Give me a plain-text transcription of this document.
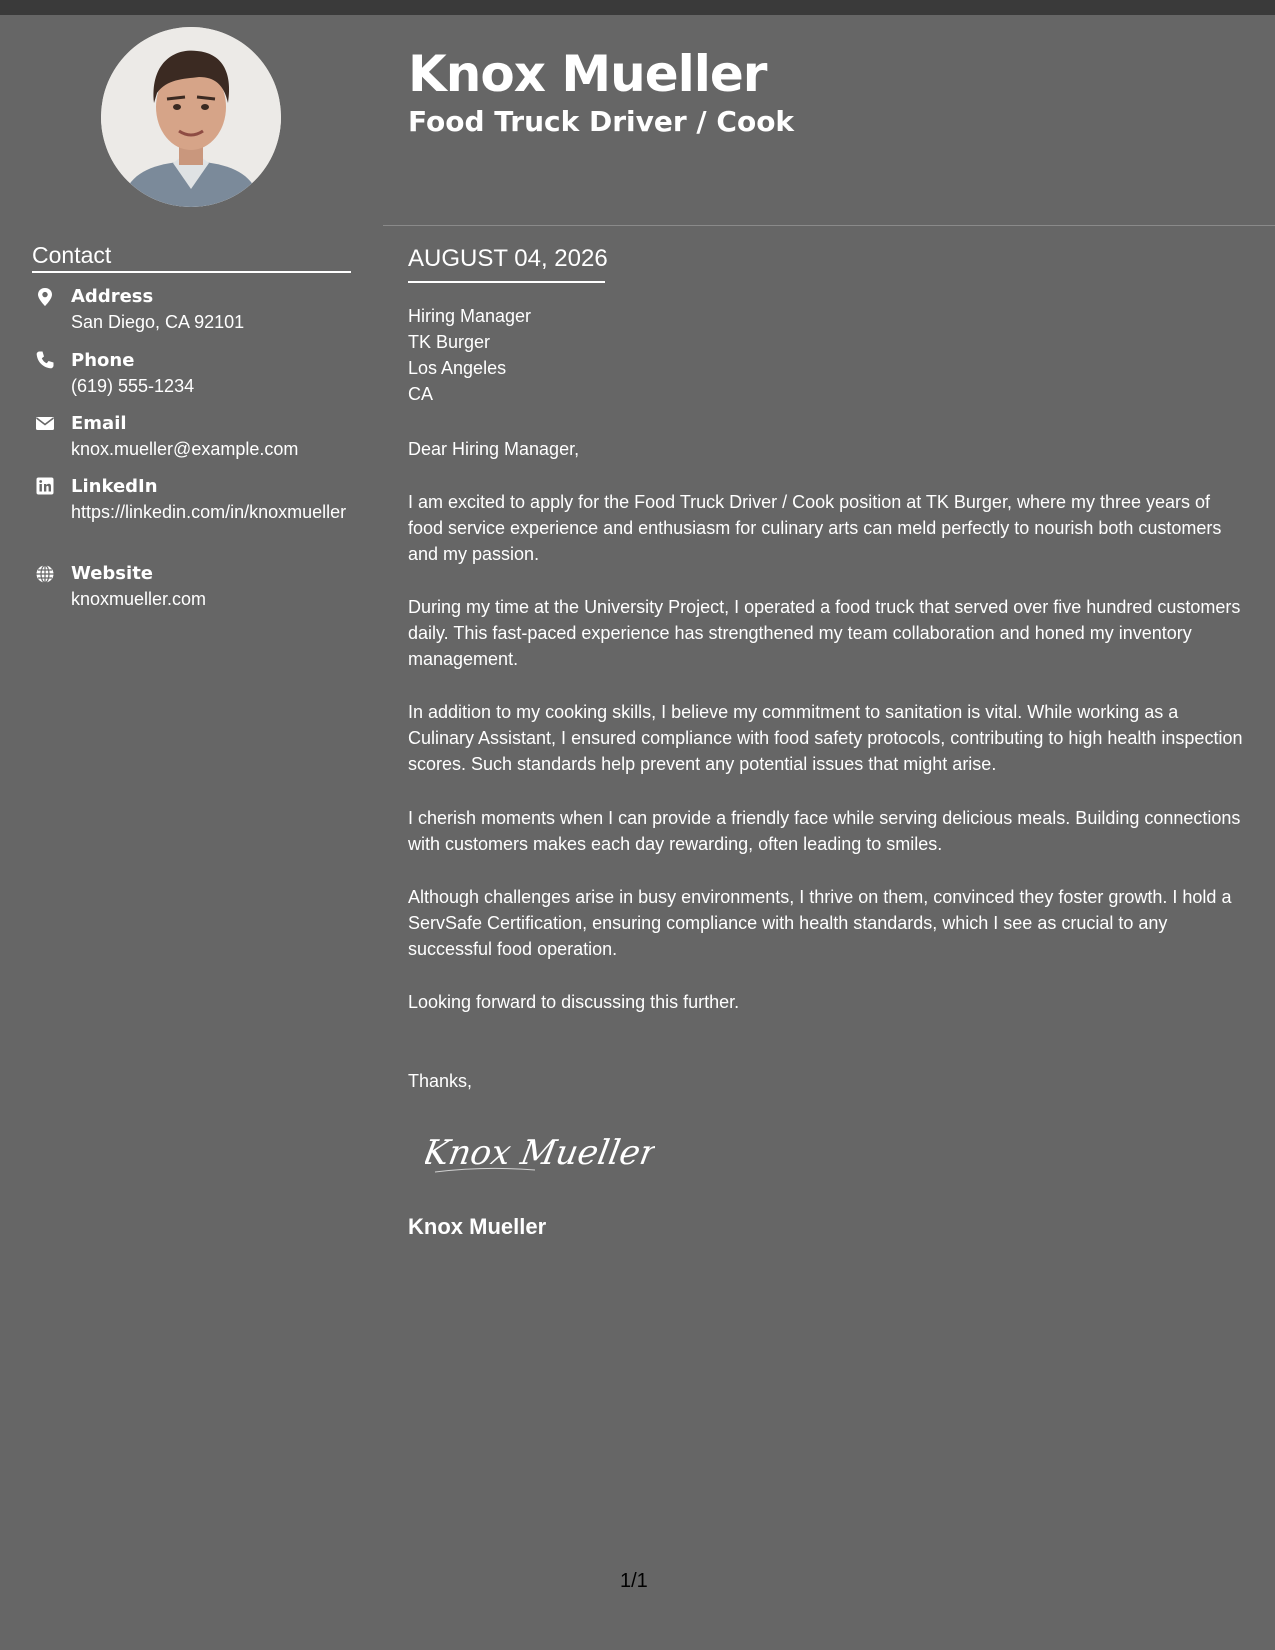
Knox Mueller
Food Truck Driver / Cook
Contact
Address
San Diego, CA 92101
Phone
(619) 555-1234
Email
knox.mueller@example.com
LinkedIn
https://linkedin.com/in/knoxmueller
Website
knoxmueller.com
AUGUST 04, 2026
Hiring Manager
TK Burger
Los Angeles
CA

Dear Hiring Manager,

I am excited to apply for the Food Truck Driver / Cook position at TK Burger, where my three years of food service experience and enthusiasm for culinary arts can meld perfectly to nourish both customers and my passion.

During my time at the University Project, I operated a food truck that served over five hundred customers daily. This fast-paced experience has strengthened my team collaboration and honed my inventory management.

In addition to my cooking skills, I believe my commitment to sanitation is vital. While working as a Culinary Assistant, I ensured compliance with food safety protocols, contributing to high health inspection scores. Such standards help prevent any potential issues that might arise.

I cherish moments when I can provide a friendly face while serving delicious meals. Building connections with customers makes each day rewarding, often leading to smiles.

Although challenges arise in busy environments, I thrive on them, convinced they foster growth. I hold a ServSafe Certification, ensuring compliance with health standards, which I see as crucial to any successful food operation.

Looking forward to discussing this further.

Thanks,

Knox Mueller
Knox Mueller
1/1
